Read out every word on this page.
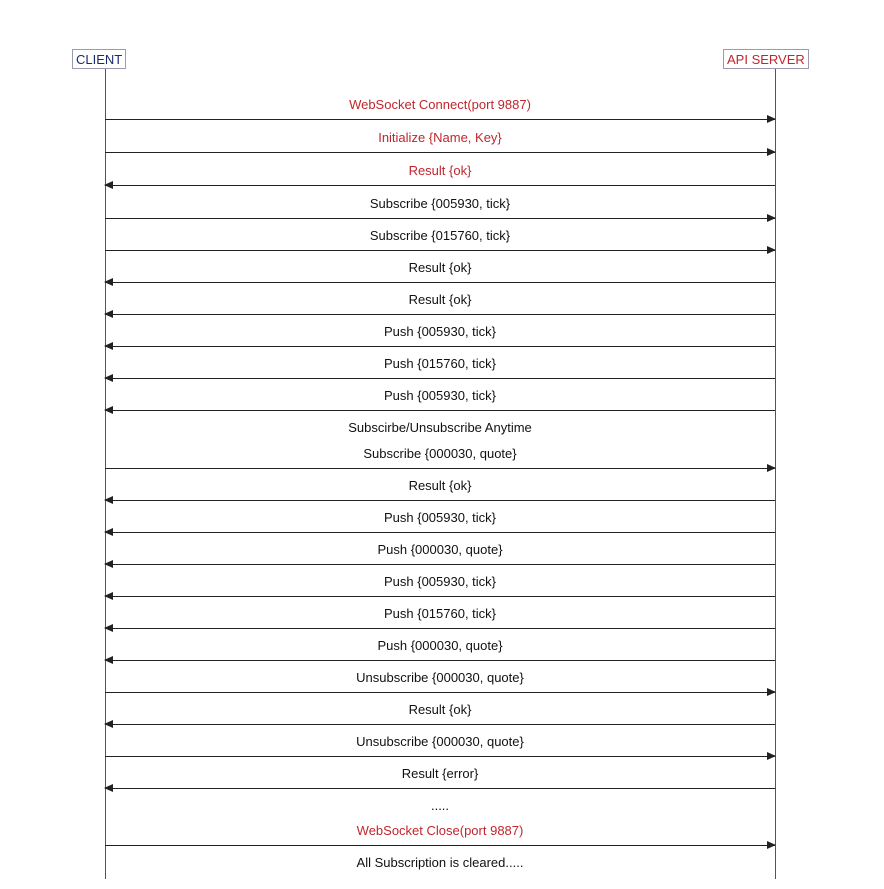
CLIENT	API SERVER
WebSocket Connect(port 9887)
Initialize {Name, Key}
Result {ok}
Subscribe {005930, tick}
Subscribe {015760, tick}
Result {ok}
Result {ok}
Push {005930, tick}
Push {015760, tick}
Push {005930, tick}
Subscirbe/Unsubscribe Anytime
Subscribe {000030, quote}
Result {ok}
Push {005930, tick}
Push {000030, quote}
Push {005930, tick}
Push {015760, tick}
Push {000030, quote}
Unsubscribe {000030, quote}
Result {ok}
Unsubscribe {000030, quote}
Result {error}
.....
WebSocket Close(port 9887)
All Subscription is cleared.....
